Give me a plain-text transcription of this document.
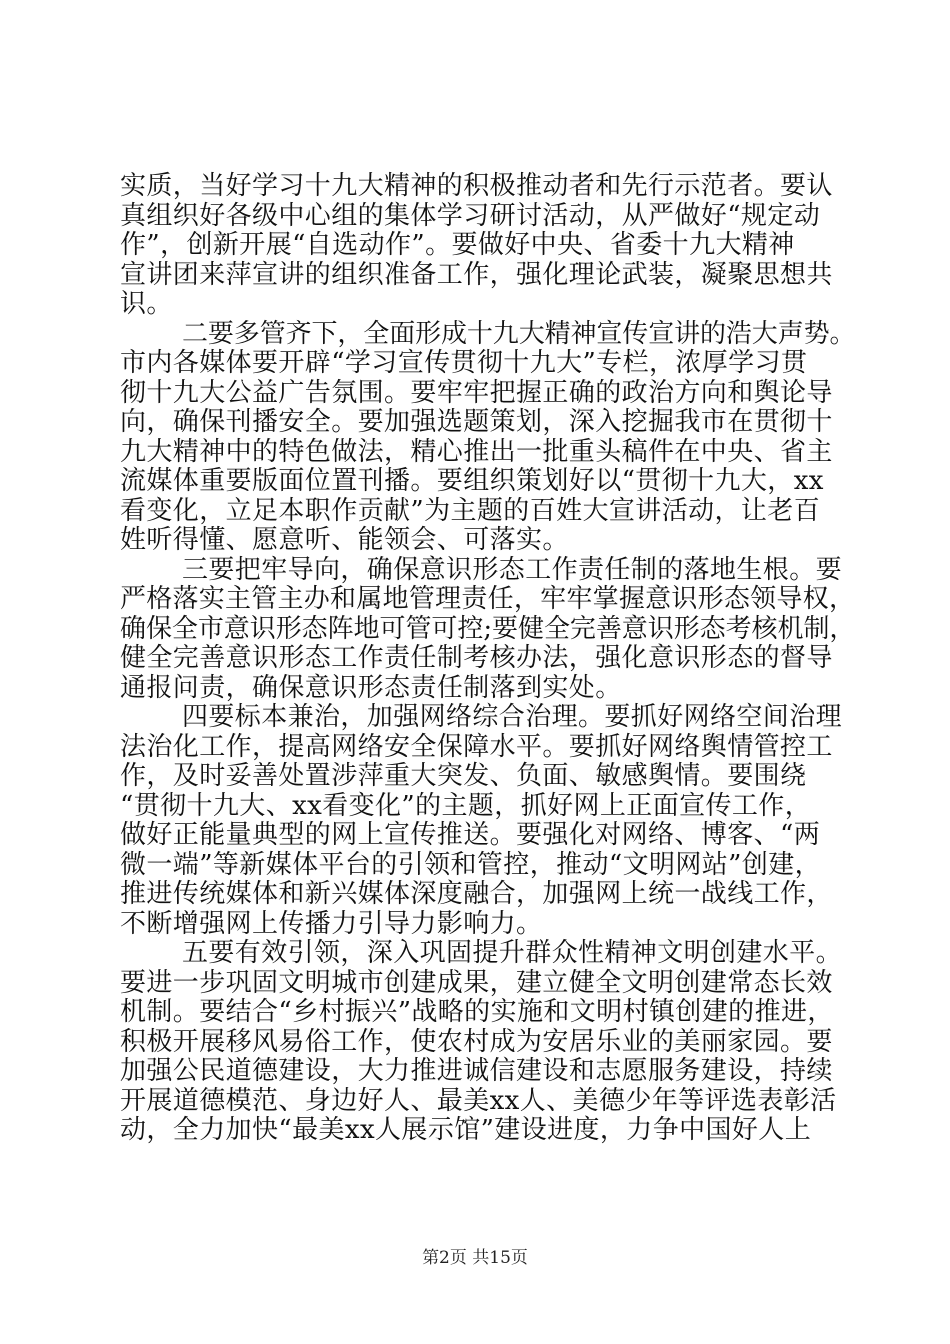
实质，当好学习十九大精神的积极推动者和先行示范者。要认
真组织好各级中心组的集体学习研讨活动，从严做好“规定动
作”，创新开展“自选动作”。要做好中央、省委十九大精神
宣讲团来萍宣讲的组织准备工作，强化理论武装，凝聚思想共
识。
二要多管齐下，全面形成十九大精神宣传宣讲的浩大声势。
市内各媒体要开辟“学习宣传贯彻十九大”专栏，浓厚学习贯
彻十九大公益广告氛围。要牢牢把握正确的政治方向和舆论导
向，确保刊播安全。要加强选题策划，深入挖掘我市在贯彻十
九大精神中的特色做法，精心推出一批重头稿件在中央、省主
流媒体重要版面位置刊播。要组织策划好以“贯彻十九大，xx
看变化，立足本职作贡献”为主题的百姓大宣讲活动，让老百
姓听得懂、愿意听、能领会、可落实。
三要把牢导向，确保意识形态工作责任制的落地生根。要
严格落实主管主办和属地管理责任，牢牢掌握意识形态领导权，
确保全市意识形态阵地可管可控;要健全完善意识形态考核机制，
健全完善意识形态工作责任制考核办法，强化意识形态的督导
通报问责，确保意识形态责任制落到实处。
四要标本兼治，加强网络综合治理。要抓好网络空间治理
法治化工作，提高网络安全保障水平。要抓好网络舆情管控工
作，及时妥善处置涉萍重大突发、负面、敏感舆情。要围绕
“贯彻十九大、xx看变化”的主题，抓好网上正面宣传工作，
做好正能量典型的网上宣传推送。要强化对网络、博客、“两
微一端”等新媒体平台的引领和管控，推动“文明网站”创建，
推进传统媒体和新兴媒体深度融合，加强网上统一战线工作，
不断增强网上传播力引导力影响力。
五要有效引领，深入巩固提升群众性精神文明创建水平。
要进一步巩固文明城市创建成果，建立健全文明创建常态长效
机制。要结合“乡村振兴”战略的实施和文明村镇创建的推进，
积极开展移风易俗工作，使农村成为安居乐业的美丽家园。要
加强公民道德建设，大力推进诚信建设和志愿服务建设，持续
开展道德模范、身边好人、最美xx人、美德少年等评选表彰活
动，全力加快“最美xx人展示馆”建设进度，力争中国好人上
第2页 共15页
